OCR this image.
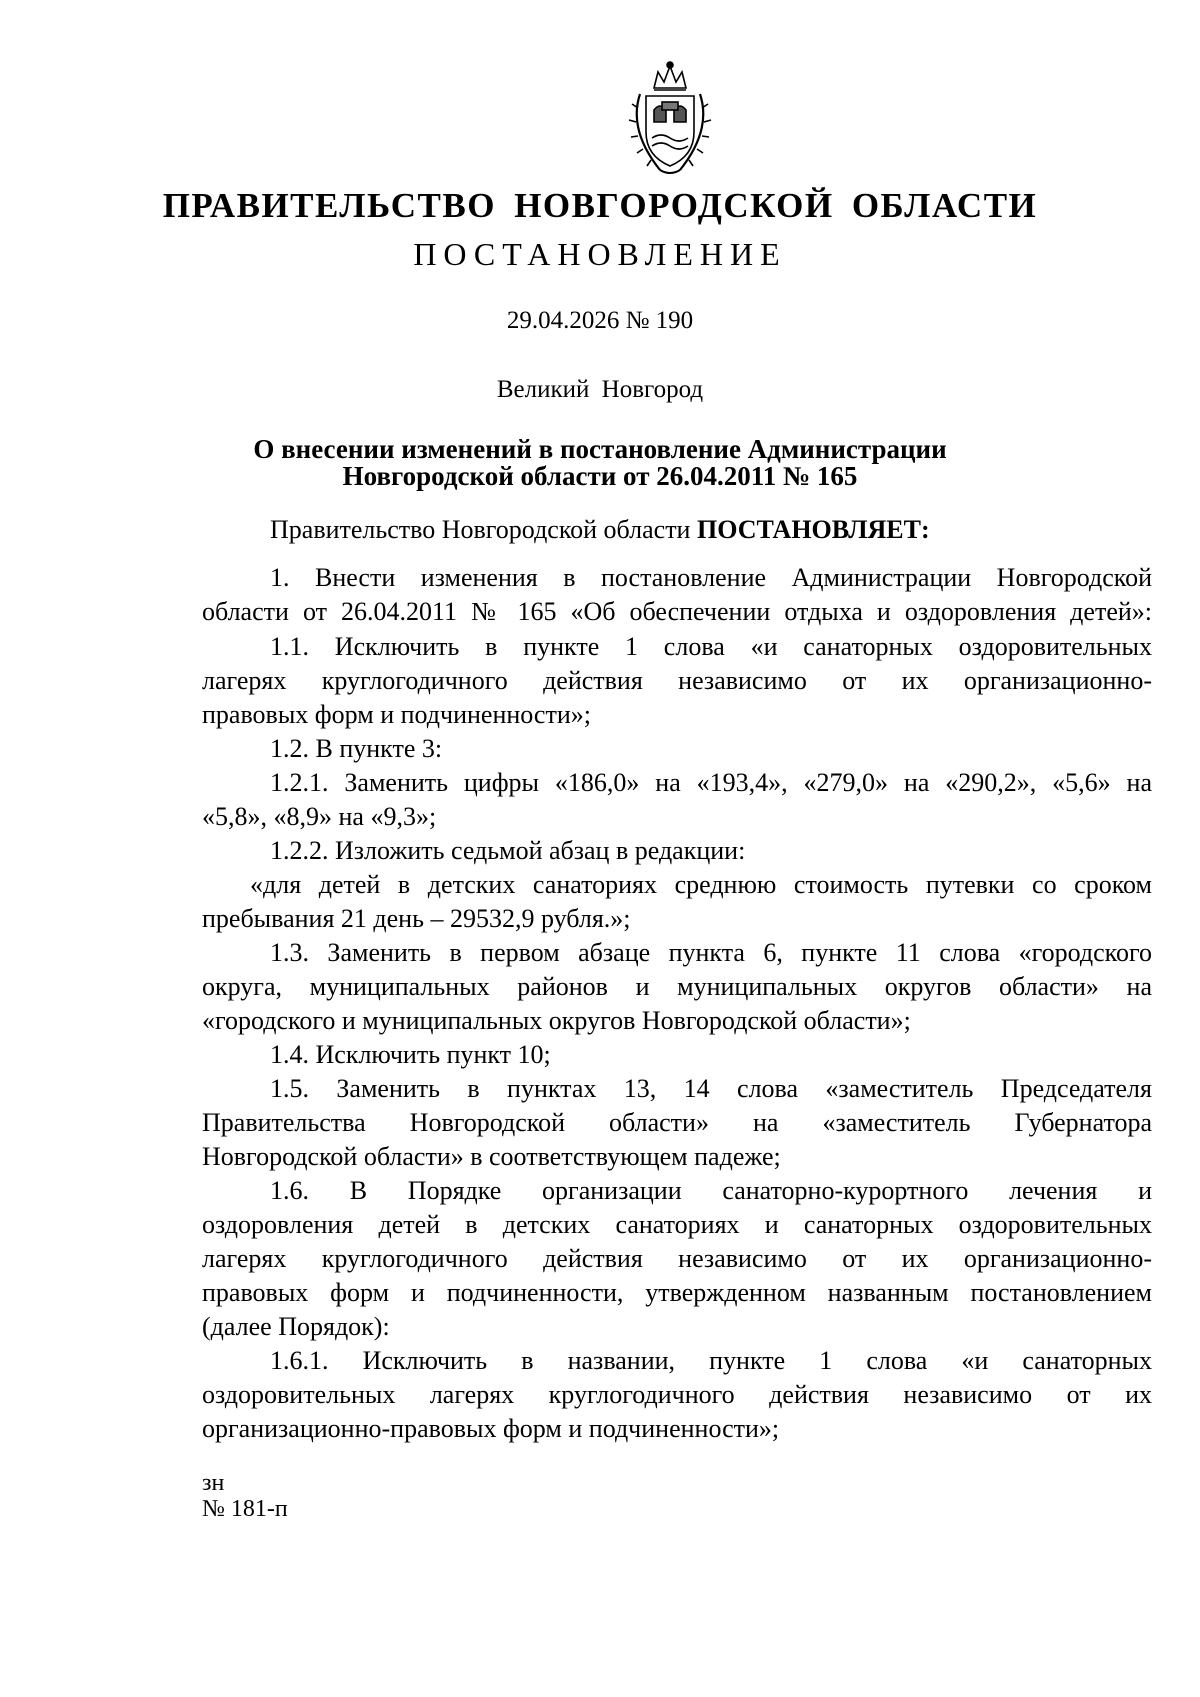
ПРАВИТЕЛЬСТВО НОВГОРОДСКОЙ ОБЛАСТИ
ПОСТАНОВЛЕНИЕ
29.04.2026 № 190
Великий Новгород
О внесении изменений в постановление Администрации
Новгородской области от 26.04.2011 № 165
Правительство Новгородской области ПОСТАНОВЛЯЕТ:
1. Внести изменения в постановление Администрации Новгородской
области от 26.04.2011 № 165 «Об обеспечении отдыха и оздоровления детей»:
1.1. Исключить в пункте 1 слова «и санаторных оздоровительных
лагерях круглогодичного действия независимо от их организационно-
правовых форм и подчиненности»;
1.2. В пункте 3:
1.2.1. Заменить цифры «186,0» на «193,4», «279,0» на «290,2», «5,6» на
«5,8», «8,9» на «9,3»;
1.2.2. Изложить седьмой абзац в редакции:
«для детей в детских санаториях среднюю стоимость путевки со сроком
пребывания 21 день – 29532,9 рубля.»;
1.3. Заменить в первом абзаце пункта 6, пункте 11 слова «городского
округа, муниципальных районов и муниципальных округов области» на
«городского и муниципальных округов Новгородской области»;
1.4. Исключить пункт 10;
1.5. Заменить в пунктах 13, 14 слова «заместитель Председателя
Правительства Новгородской области» на «заместитель Губернатора
Новгородской области» в соответствующем падеже;
1.6. В Порядке организации санаторно-курортного лечения и
оздоровления детей в детских санаториях и санаторных оздоровительных
лагерях круглогодичного действия независимо от их организационно-
правовых форм и подчиненности, утвержденном названным постановлением
(далее Порядок):
1.6.1. Исключить в названии, пункте 1 слова «и санаторных
оздоровительных лагерях круглогодичного действия независимо от их
организационно-правовых форм и подчиненности»;
зн
№ 181-п
